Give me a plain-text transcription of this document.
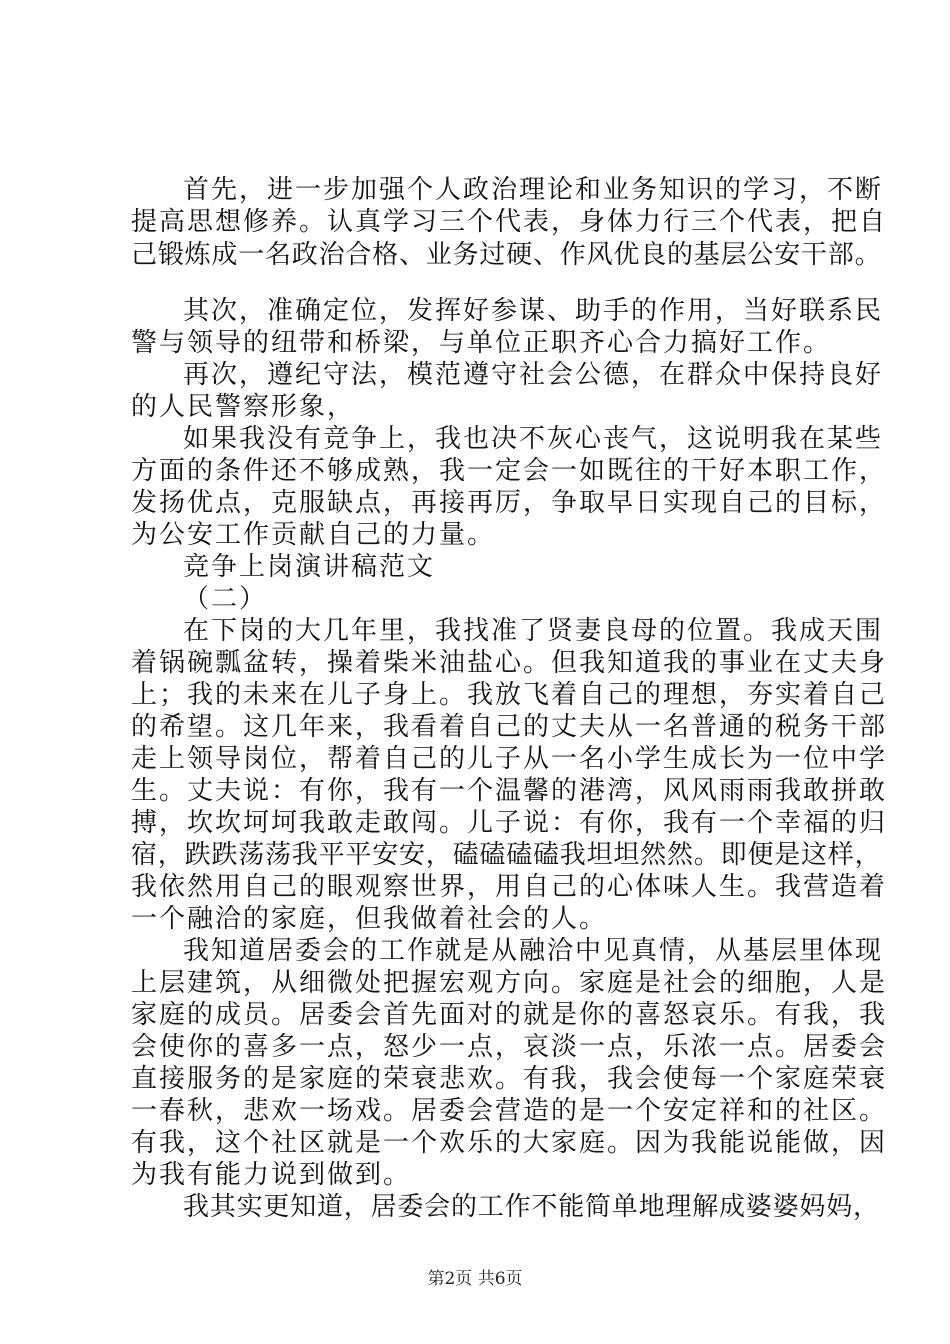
首先，进一步加强个人政治理论和业务知识的学习，不断

提高思想修养。认真学习三个代表，身体力行三个代表，把自

己锻炼成一名政治合格、业务过硬、作风优良的基层公安干部。

其次，准确定位，发挥好参谋、助手的作用，当好联系民

警与领导的纽带和桥梁，与单位正职齐心合力搞好工作。

再次，遵纪守法，模范遵守社会公德，在群众中保持良好

的人民警察形象，

如果我没有竞争上，我也决不灰心丧气，这说明我在某些

方面的条件还不够成熟，我一定会一如既往的干好本职工作，

发扬优点，克服缺点，再接再厉，争取早日实现自己的目标，

为公安工作贡献自己的力量。

竞争上岗演讲稿范文

（二）

在下岗的大几年里，我找准了贤妻良母的位置。我成天围

着锅碗瓢盆转，操着柴米油盐心。但我知道我的事业在丈夫身

上；我的未来在儿子身上。我放飞着自己的理想，夯实着自己

的希望。这几年来，我看着自己的丈夫从一名普通的税务干部

走上领导岗位，帮着自己的儿子从一名小学生成长为一位中学

生。丈夫说：有你，我有一个温馨的港湾，风风雨雨我敢拼敢

搏，坎坎坷坷我敢走敢闯。儿子说：有你，我有一个幸福的归

宿，跌跌荡荡我平平安安，磕磕磕磕我坦坦然然。即便是这样，

我依然用自己的眼观察世界，用自己的心体味人生。我营造着

一个融洽的家庭，但我做着社会的人。

我知道居委会的工作就是从融洽中见真情，从基层里体现

上层建筑，从细微处把握宏观方向。家庭是社会的细胞，人是

家庭的成员。居委会首先面对的就是你的喜怒哀乐。有我，我

会使你的喜多一点，怒少一点，哀淡一点，乐浓一点。居委会

直接服务的是家庭的荣衰悲欢。有我，我会使每一个家庭荣衰

一春秋，悲欢一场戏。居委会营造的是一个安定祥和的社区。

有我，这个社区就是一个欢乐的大家庭。因为我能说能做，因

为我有能力说到做到。

我其实更知道，居委会的工作不能简单地理解成婆婆妈妈，

第2页 共6页
